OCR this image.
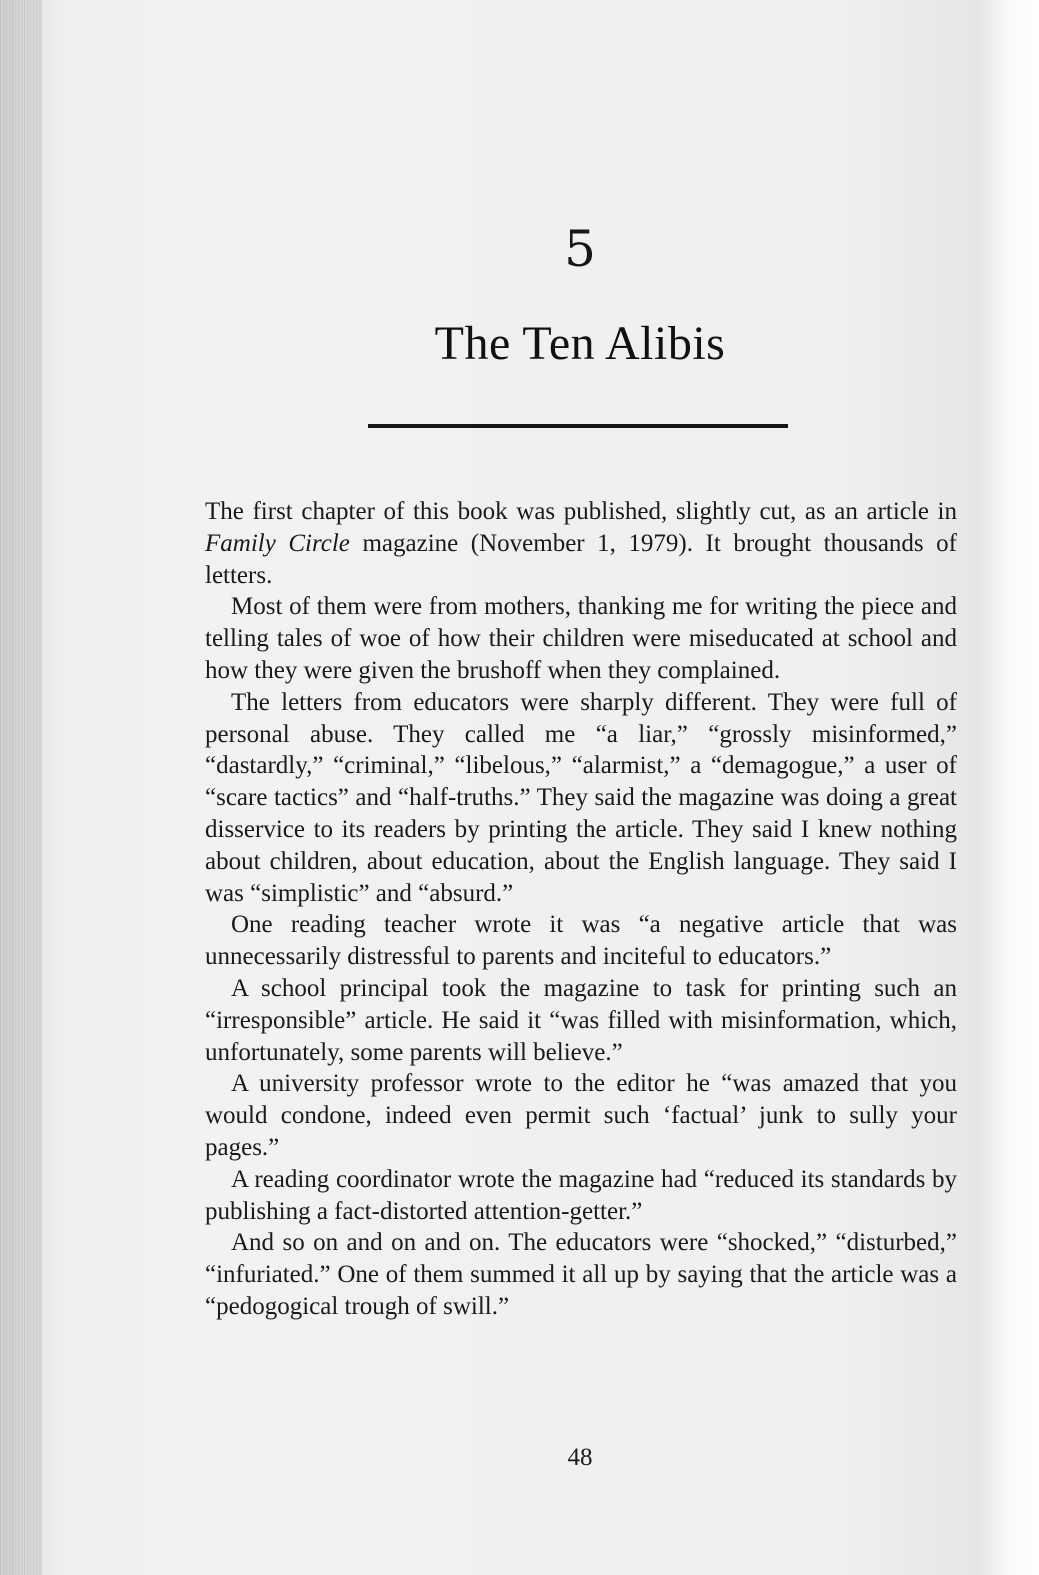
5
The Ten Alibis

The first chapter of this book was published, slightly cut, as an article in Family Circle magazine (November 1, 1979). It brought thousands of letters.

Most of them were from mothers, thanking me for writing the piece and telling tales of woe of how their children were miseducated at school and how they were given the brushoff when they complained.

The letters from educators were sharply different. They were full of personal abuse. They called me “a liar,” “grossly misinformed,” “dastardly,” “criminal,” “libelous,” “alarmist,” a “demagogue,” a user of “scare tactics” and “half-truths.” They said the magazine was doing a great disservice to its readers by printing the article. They said I knew nothing about children, about education, about the English language. They said I was “simplistic” and “absurd.”

One reading teacher wrote it was “a negative article that was unnecessarily distressful to parents and inciteful to educators.”

A school principal took the magazine to task for printing such an “irresponsible” article. He said it “was filled with misinformation, which, unfortunately, some parents will believe.”

A university professor wrote to the editor he “was amazed that you would condone, indeed even permit such ‘factual’ junk to sully your pages.”

A reading coordinator wrote the magazine had “reduced its standards by publishing a fact-distorted attention-getter.”

And so on and on and on. The educators were “shocked,” “disturbed,” “infuriated.” One of them summed it all up by saying that the article was a “pedogogical trough of swill.”

48
